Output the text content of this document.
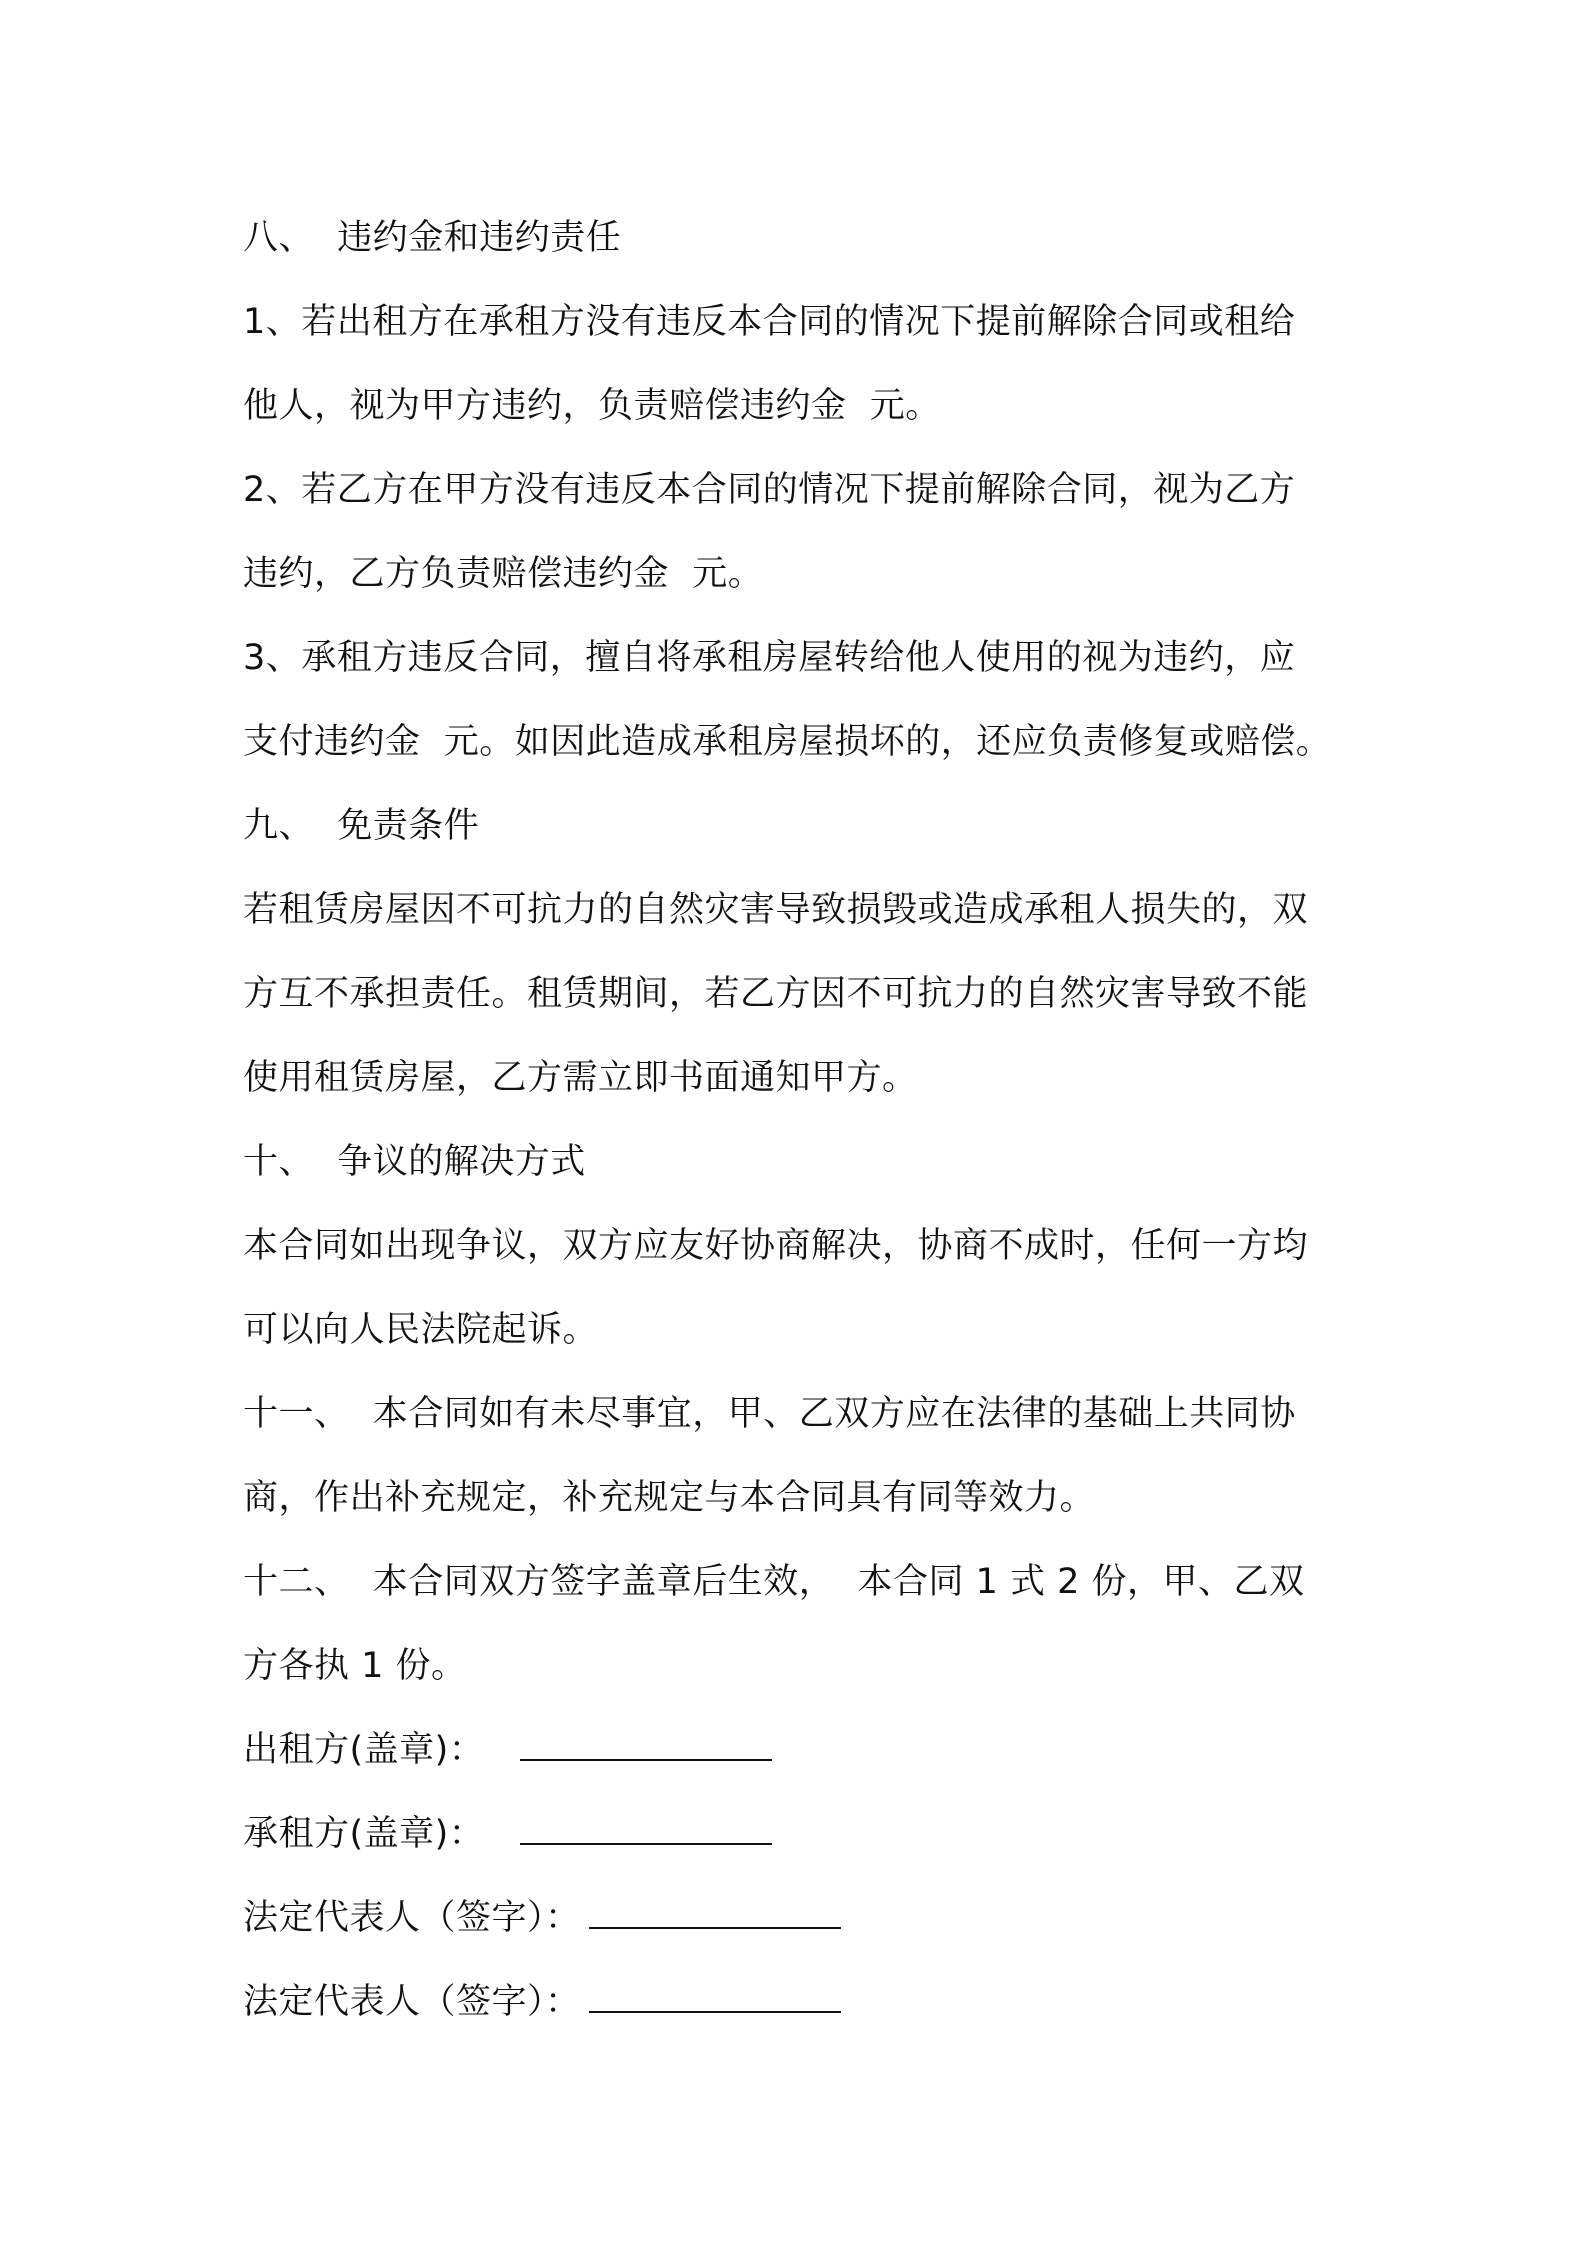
八、  违约金和违约责任
1、若出租方在承租方没有违反本合同的情况下提前解除合同或租给
他人，视为甲方违约，负责赔偿违约金  元。
2、若乙方在甲方没有违反本合同的情况下提前解除合同，视为乙方
违约，乙方负责赔偿违约金  元。
3、承租方违反合同，擅自将承租房屋转给他人使用的视为违约，应
支付违约金  元。如因此造成承租房屋损坏的，还应负责修复或赔偿。
九、  免责条件
若租赁房屋因不可抗力的自然灾害导致损毁或造成承租人损失的，双
方互不承担责任。租赁期间，若乙方因不可抗力的自然灾害导致不能
使用租赁房屋，乙方需立即书面通知甲方。
十、  争议的解决方式
本合同如出现争议，双方应友好协商解决，协商不成时，任何一方均
可以向人民法院起诉。
十一、  本合同如有未尽事宜，甲、乙双方应在法律的基础上共同协
商，作出补充规定，补充规定与本合同具有同等效力。
十二、  本合同双方签字盖章后生效，  本合同 1 式 2 份，甲、乙双
方各执 1 份。
出租方(盖章)：
承租方(盖章)：
法定代表人（签字）：
法定代表人（签字）：
